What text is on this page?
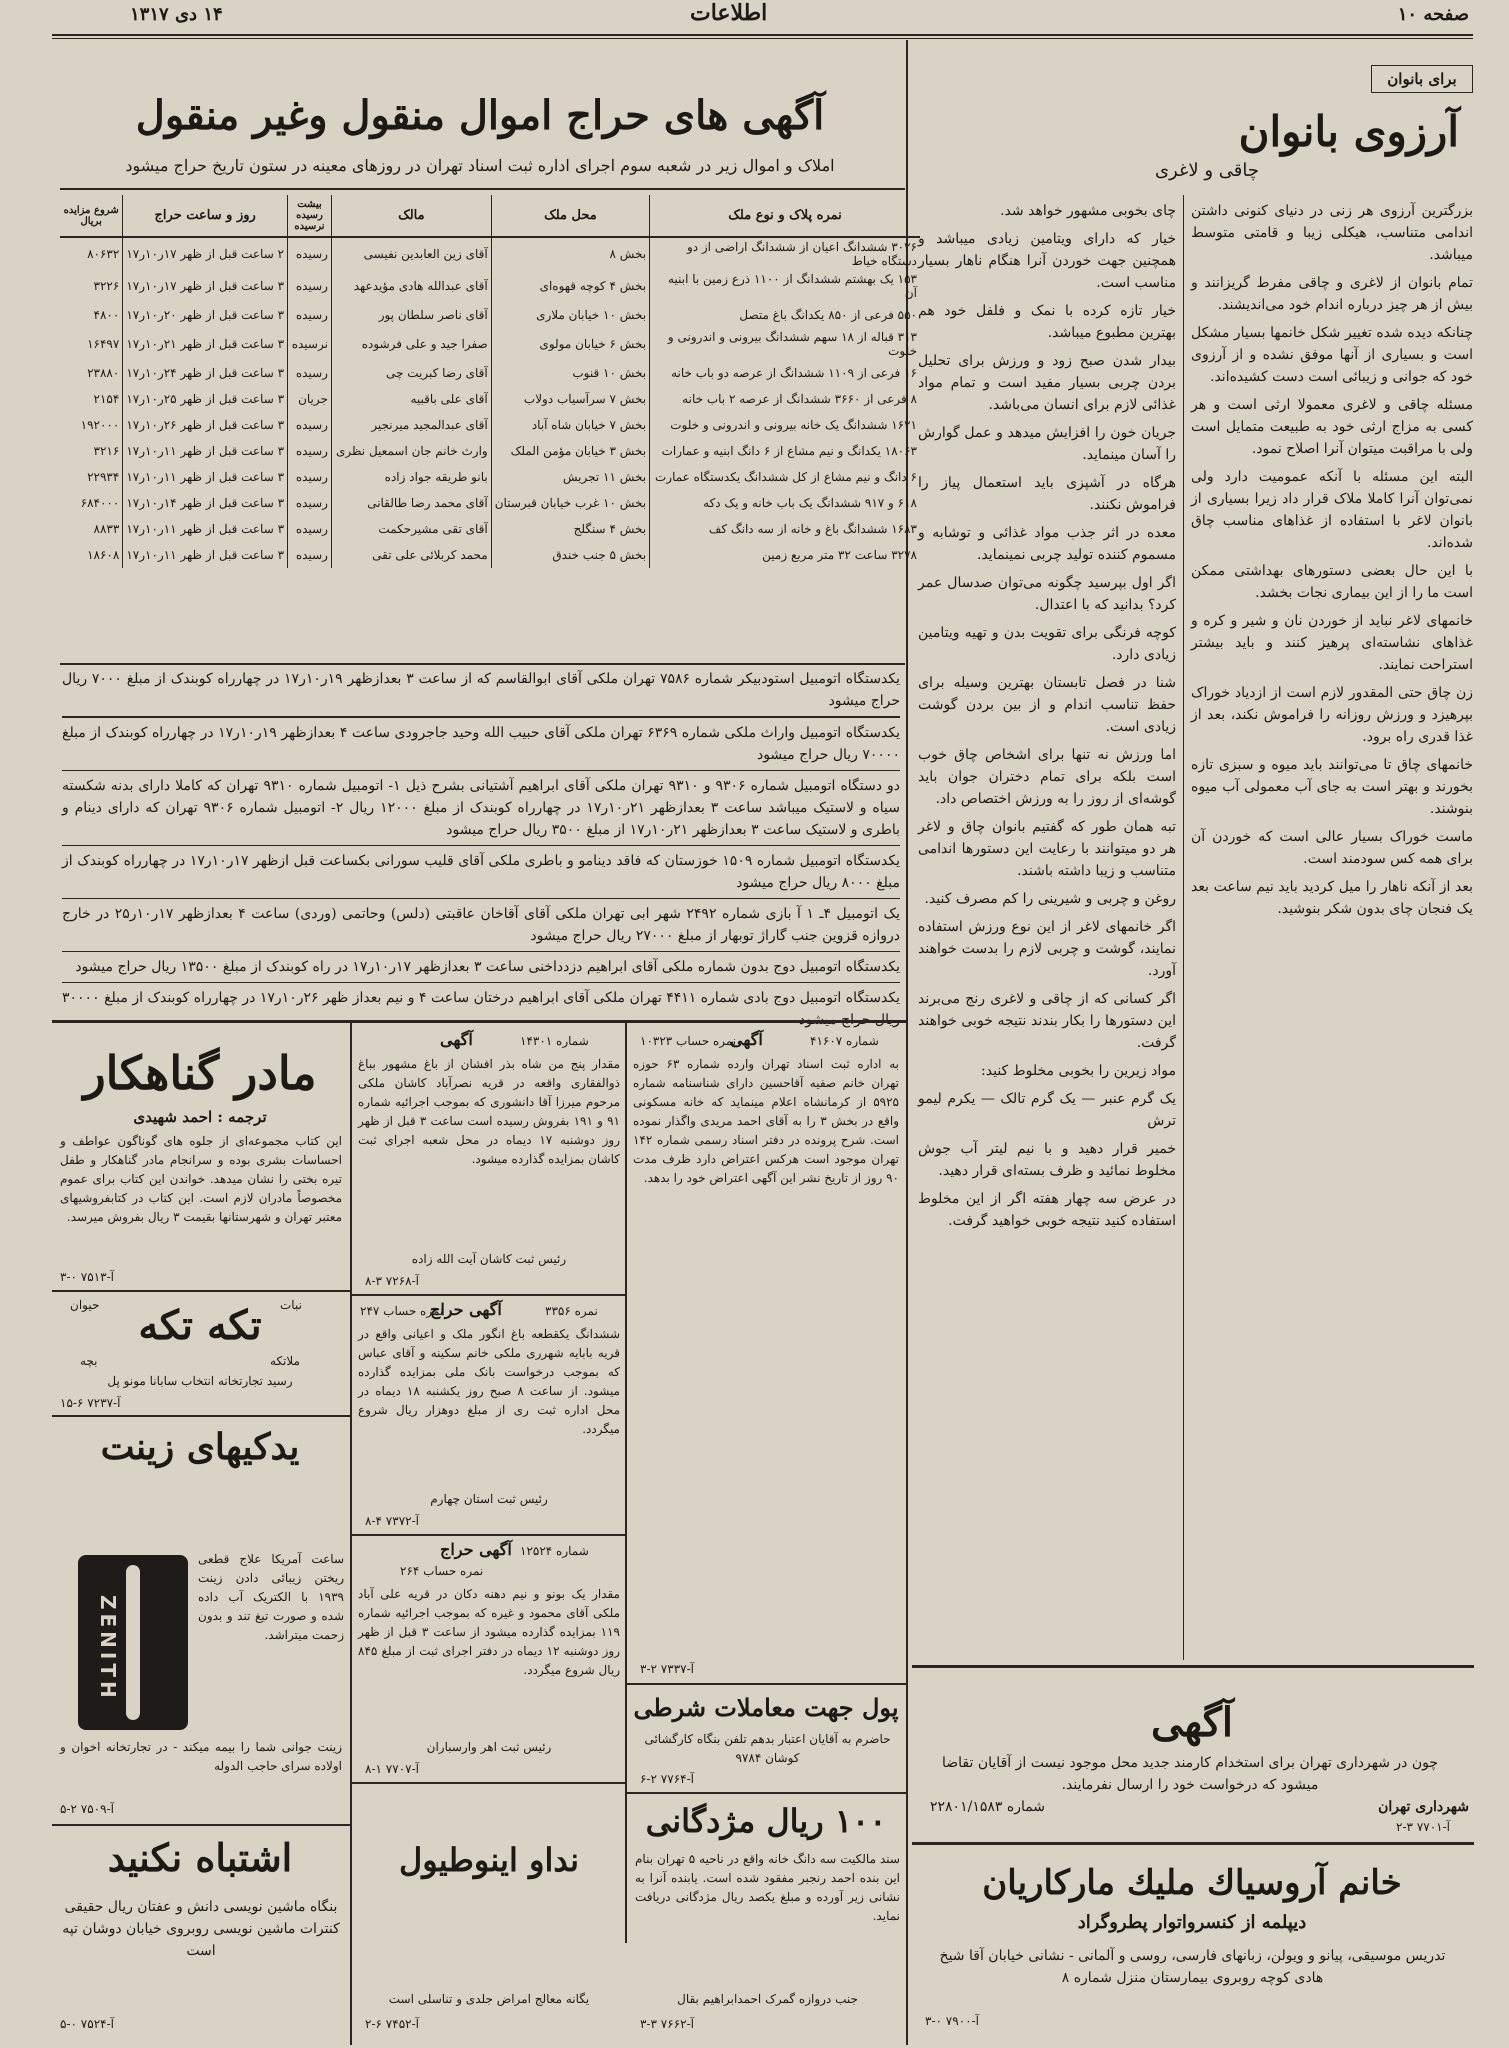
صفحه ۱۰
اطلاعات
۱۴ دی ۱۳۱۷
برای بانوان
آگهی های حراج اموال منقول وغیر منقول
املاک و اموال زیر در شعبه سوم اجرای اداره ثبت اسناد تهران در روزهای معینه در ستون تاریخ حراج میشود
نمره پلاک و نوع ملک	محل ملک	مالک	بیشت رسیده نرسیده	روز و ساعت حراج	شروع مزایده بریال
۳۰۲۶ ششدانگ اعیان از ششدانگ اراضی از دو دستگاه خیاط	بخش ۸	آقای زین العابدین نفیسی	رسیده	۲ ساعت قبل از ظهر ۱۷ر۱۰ر۱۷	۸۰۶۳۲
۱۵۳ یک بهشتم ششدانگ از ۱۱۰۰ ذرع زمین با ابنیه آن	بخش ۴ کوچه قهوه‌ای	آقای عبدالله هادی مؤیدعهد	رسیده	۳ ساعت قبل از ظهر ۱۷ر۱۰ر۱۷	۳۲۲۶
۵۵۰ فرعی از ۸۵۰ یکدانگ باغ متصل	بخش ۱۰ خیابان ملاری	آقای ناصر سلطان پور	رسیده	۳ ساعت قبل از ظهر ۲۰ر۱۰ر۱۷	۴۸۰۰
۳۱۳ قباله از ۱۸ سهم ششدانگ بیرونی و اندرونی و خلوت	بخش ۶ خیابان مولوی	صفرا جید و علی فرشوده	نرسیده	۳ ساعت قبل از ظهر ۲۱ر۱۰ر۱۷	۱۶۴۹۷
۱۶ فرعی از ۱۱۰۹ ششدانگ از عرصه دو باب خانه	بخش ۱۰ قنوب	آقای رضا کبریت چی	رسیده	۳ ساعت قبل از ظهر ۲۴ر۱۰ر۱۷	۲۳۸۸۰
۸ فرعی از ۳۶۶۰ ششدانگ از عرصه ۲ باب خانه	بخش ۷ سرآسیاب دولاب	آقای علی باقبیه	جریان	۳ ساعت قبل از ظهر ۲۵ر۱۰ر۱۷	۲۱۵۴
۱۶۲۱ ششدانگ یک خانه بیرونی و اندرونی و خلوت	بخش ۷ خیابان شاه آباد	آقای عبدالمجید میرنجیر	رسیده	۳ ساعت قبل از ظهر ۲۶ر۱۰ر۱۷	۱۹۲۰۰۰
۱۸۰۶۳ یکدانگ و نیم مشاع از ۶ دانگ ابنیه و عمارات	بخش ۳ خیابان مؤمن الملک	وارث خانم جان اسمعیل نظری	رسیده	۳ ساعت قبل از ظهر ۱۱ر۱۰ر۱۷	۳۲۱۶
۶ دانگ و نیم مشاع از کل ششدانگ یکدستگاه عمارت	بخش ۱۱ تجریش	بانو طریقه جواد زاده	رسیده	۳ ساعت قبل از ظهر ۱۱ر۱۰ر۱۷	۲۲۹۳۴
۶۱۸ و ۹۱۷ ششدانگ یک باب خانه و یک دکه	بخش ۱۰ غرب خیابان قبرستان	آقای محمد رضا طالقانی	رسیده	۳ ساعت قبل از ظهر ۱۴ر۱۰ر۱۷	۶۸۴۰۰۰
۱۶۸۳ ششدانگ باغ و خانه از سه دانگ کف	بخش ۴ سنگلج	آقای تقی مشیرحکمت	رسیده	۳ ساعت قبل از ظهر ۱۱ر۱۰ر۱۷	۸۸۳۳
۳۲۷۸ ساعت ۳۲ متر مربع زمین	بخش ۵ جنب خندق	محمد کربلائی علی تقی	رسیده	۳ ساعت قبل از ظهر ۱۱ر۱۰ر۱۷	۱۸۶۰۸

یکدستگاه اتومبیل استودبیکر شماره ۷۵۸۶ تهران ملکی آقای ابوالقاسم که از ساعت ۳ بعدازظهر ۱۹ر۱۰ر۱۷ در چهارراه کوبندک از مبلغ ۷۰۰۰ ریال حراج میشود

یکدستگاه اتومبیل واراث ملکی شماره ۶۳۶۹ تهران ملکی آقای حبیب الله وحید جاجرودی ساعت ۴ بعدازظهر ۱۹ر۱۰ر۱۷ در چهارراه کوبندک از مبلغ ۷۰۰۰۰ ریال حراج میشود

دو دستگاه اتومبیل شماره ۹۳۰۶ و ۹۳۱۰ تهران ملکی آقای ابراهیم آشتیانی بشرح ذیل ۱- اتومبیل شماره ۹۳۱۰ تهران که کاملا دارای بدنه شکسته سیاه و لاستیک میباشد ساعت ۳ بعدازظهر ۲۱ر۱۰ر۱۷ در چهارراه کوبندک از مبلغ ۱۲۰۰۰ ریال ۲- اتومبیل شماره ۹۳۰۶ تهران که دارای دینام و باطری و لاستیک ساعت ۳ بعدازظهر ۲۱ر۱۰ر۱۷ از مبلغ ۳۵۰۰ ریال حراج میشود

یکدستگاه اتومبیل شماره ۱۵۰۹ خوزستان که فاقد دینامو و باطری ملکی آقای قلیب سورانی بکساعت قبل ازظهر ۱۷ر۱۰ر۱۷ در چهارراه کوبندک از مبلغ ۸۰۰۰ ریال حراج میشود

یک اتومبیل ۴ـ ۱ آ بازی شماره ۲۴۹۲ شهر ابی تهران ملکی آقای آقاخان عاقبتی (دلس) وحاتمی (وردی) ساعت ۴ بعدازظهر ۱۷ر۱۰ر۲۵ در خارج دروازه قزوین جنب گاراژ توبهار از مبلغ ۲۷۰۰۰ ریال حراج میشود

یکدستگاه اتومبیل دوج بدون شماره ملکی آقای ابراهیم دزدداخنی ساعت ۳ بعدازظهر ۱۷ر۱۰ر۱۷ در راه کوبندک از مبلغ ۱۳۵۰۰ ریال حراج میشود

یکدستگاه اتومبیل دوج بادی شماره ۴۴۱۱ تهران ملکی آقای ابراهیم درختان ساعت ۴ و نیم بعداز ظهر ۲۶ر۱۰ر۱۷ در چهارراه کوبندک از مبلغ ۳۰۰۰۰

آرزوی بانوان
چاقی و لاغری

بزرگترین آرزوی هر زنی در دنیای کنونی داشتن اندامی متناسب، هیکلی زیبا و قامتی متوسط میباشد.

تمام بانوان از لاغری و چاقی مفرط گریزانند و بیش از هر چیز درباره اندام خود می‌اندیشند.

چنانکه دیده شده تغییر شکل خانمها بسیار مشکل است و بسیاری از آنها موفق نشده و از آرزوی خود که جوانی و زیبائی است دست کشیده‌اند.

مسئله چاقی و لاغری معمولا ارثی است و هر کسی به مزاج ارثی خود به طبیعت متمایل است ولی با مراقبت میتوان آنرا اصلاح نمود.

البته این مسئله با آنکه عمومیت دارد ولی نمی‌توان آنرا کاملا ملاک قرار داد زیرا بسیاری از بانوان لاغر با استفاده از غذاهای مناسب چاق شده‌اند.

با این حال بعضی دستورهای بهداشتی ممکن است ما را از این بیماری نجات بخشد.

خانمهای لاغر نباید از خوردن نان و شیر و کره و غذاهای نشاسته‌ای پرهیز کنند و باید بیشتر استراحت نمایند.

زن چاق حتی المقدور لازم است از ازدیاد خوراک بپرهیزد و ورزش روزانه را فراموش نکند، بعد از غذا قدری راه برود.

خانمهای چاق تا می‌توانند باید میوه و سبزی تازه بخورند و بهتر است به جای آب معمولی آب میوه بنوشند.

ماست خوراک بسیار عالی است که خوردن آن برای همه کس سودمند است.

بعد از آنکه ناهار را میل کردید باید نیم ساعت بعد یک فنجان چای بدون شکر بنوشید.

چای بخوبی مشهور خواهد شد.

خیار که دارای ویتامین زیادی میباشد و همچنین جهت خوردن آنرا هنگام ناهار بسیار مناسب است.

خیار تازه کرده با نمک و فلفل خود هم بهترین مطبوع میباشد.

بیدار شدن صبح زود و ورزش برای تحلیل بردن چربی بسیار مفید است و تمام مواد غذائی لازم برای انسان می‌باشد.

جریان خون را افزایش میدهد و عمل گوارش را آسان مینماید.

هرگاه در آشپزی باید استعمال پیاز را فراموش نکنند.

معده در اثر جذب مواد غذائی و توشابه و مسموم کننده تولید چربی نمینماید.

اگر اول بپرسید چگونه می‌توان صدسال عمر کرد؟ بدانید که با اعتدال.

کوچه فرنگی برای تقویت بدن و تهیه ویتامین زیادی دارد.

شنا در فصل تابستان بهترین وسیله برای حفظ تناسب اندام و از بین بردن گوشت زیادی است.

اما ورزش نه تنها برای اشخاص چاق خوب است بلکه برای تمام دختران جوان باید گوشه‌ای از روز را به ورزش اختصاص داد.

تبه همان طور که گفتیم بانوان چاق و لاغر هر دو میتوانند با رعایت این دستورها اندامی متناسب و زیبا داشته باشند.

روغن و چربی و شیرینی را کم مصرف کنید.

اگر خانمهای لاغر از این نوع ورزش استفاده نمایند، گوشت و چربی لازم را بدست خواهند آورد.

اگر کسانی که از چاقی و لاغری رنج می‌برند این دستورها را بکار بندند نتیجه خوبی خواهند گرفت.

مواد زیرین را بخوبی مخلوط کنید:

یک گرم عنبر — یک گرم تالک — یکرم لیمو ترش

خمیر قرار دهید و با نیم لیتر آب جوش مخلوط نمائید و ظرف بسته‌ای قرار دهید.

در عرض سه چهار هفته اگر از این مخلوط استفاده کنید نتیجه خوبی خواهید گرفت.

آگهی
چون در شهرداری تهران برای استخدام کارمند جدید محل موجود نیست از آقایان تقاضا میشود که درخواست خود را ارسال نفرمایند.
شماره ۲۲۸۰۱/۱۵۸۳	شهرداری تهران
آ-۷۷۰۱ ۳-۲
خانم آروسیاك ملیك ماركاریان
دیپلمه از کنسرواتوار پطروگراد
تدریس موسیقی، پیانو و ویولن، زبانهای فارسی، روسی و آلمانی - نشانی خیابان آقا شیخ هادی کوچه روبروی بیمارستان منزل شماره ۸
آ-۷۹۰۰ ۰-۳
مادر گناهکار
ترجمه : احمد شهیدی
این کتاب مجموعه‌ای از جلوه های گوناگون عواطف و احساسات بشری بوده و سرانجام مادر گناهکار و طفل تیره بختی را نشان میدهد. خواندن این کتاب برای عموم مخصوصاً مادران لازم است. این کتاب در کتابفروشیهای معتبر تهران و شهرستانها بقیمت ۳ ریال بفروش میرسد.
آ-۷۵۱۳ ۰-۳
نبات
حیوان تکه تکه
ملاتکه
بچه
رسید تجارتخانه انتخاب سابانا مونو پل
آ-۷۲۳۷ ۶-۱۵
یدکیهای زینت
ZENITH
ساعت آمریکا علاج قطعی ریختن زیبائی دادن زینت ۱۹۳۹ با الکتریک آب داده شده و صورت تیغ تند و بدون زحمت میتراشد.
زینت جوانی شما را بیمه میکند - در تجارتخانه اخوان و اولاده سرای حاجب الدوله
آ-۷۵۰۹ ۲-۵
اشتباه نکنید
بنگاه ماشین نویسی دانش و عفتان ریال حقیقی کنترات ماشین نویسی روبروی خیابان دوشان تپه است
آ-۷۵۲۴ ۰-۵
آگهی	شماره ۱۴۳۰۱
مقدار پنج من شاه بذر افشان از باغ مشهور بباغ ذوالفقاری واقعه در قریه نصرآباد کاشان ملکی مرحوم میرزا آقا دانشوری که بموجب اجرائیه شماره ۹۱ و ۱۹۱ بفروش رسیده است ساعت ۳ قبل از ظهر روز دوشنبه ۱۷ دیماه در محل شعبه اجرای ثبت کاشان بمزایده گذارده میشود.
رئیس ثبت کاشان آیت الله زاده
آ-۷۲۶۸ ۳-۸
آگهی حراج	نمره ۳۳۵۶
نمره حساب ۲۴۷
ششدانگ یکقطعه باغ انگور ملک و اعیانی واقع در قریه بابایه شهرری ملکی خانم سکینه و آقای عباس که بموجب درخواست بانک ملی بمزایده گذارده میشود. از ساعت ۸ صبح روز یکشنبه ۱۸ دیماه در محل اداره ثبت ری از مبلغ دوهزار ریال شروع میگردد.
رئیس ثبت استان چهارم
آ-۷۳۷۲ ۴-۸
آگهی حراج شماره ۱۲۵۲۴
نمره حساب ۲۶۴
مقدار یک بونو و نیم دهنه دکان در قریه علی آباد ملکی آقای محمود و غیره که بموجب اجرائیه شماره ۱۱۹ بمزایده گذارده میشود از ساعت ۳ قبل از ظهر روز دوشنبه ۱۲ دیماه در دفتر اجرای ثبت از مبلغ ۸۴۵ ریال شروع میگردد.
رئیس ثبت اهر وارسباران
آ-۷۷۰۷ ۱-۸
نداو اینوطیول
یگانه معالج امراض جلدی و تناسلی است
آ-۷۴۵۲ ۶-۲
آگهی	شماره ۴۱۶۰۷
نمره حساب ۱۰۳۲۳
به اداره ثبت اسناد تهران وارده شماره ۶۳ حوزه تهران خانم صفیه آقاحسین دارای شناسنامه شماره ۵۹۲۵ از کرمانشاه اعلام مینماید که خانه مسکونی واقع در بخش ۳ را به آقای احمد مریدی واگذار نموده است. شرح پرونده در دفتر اسناد رسمی شماره ۱۴۲ تهران موجود است هرکس اعتراض دارد ظرف مدت ۹۰ روز از تاریخ نشر این آگهی اعتراض خود را بدهد.
آ-۷۳۳۷ ۲-۳
پول جهت معاملات شرطی
حاضرم به آقایان اعتبار بدهم تلفن بنگاه کارگشائی کوشان ۹۷۸۴
آ-۷۷۶۴ ۲-۶
۱۰۰ ریال مژدگانی
سند مالکیت سه دانگ خانه واقع در ناحیه ۵ تهران بنام این بنده احمد رنجبر مفقود شده است. یابنده آنرا به نشانی زیر آورده و مبلغ یکصد ریال مژدگانی دریافت نماید.
جنب دروازه گمرک احمدابراهیم بقال
آ-۷۶۶۲ ۳-۳
